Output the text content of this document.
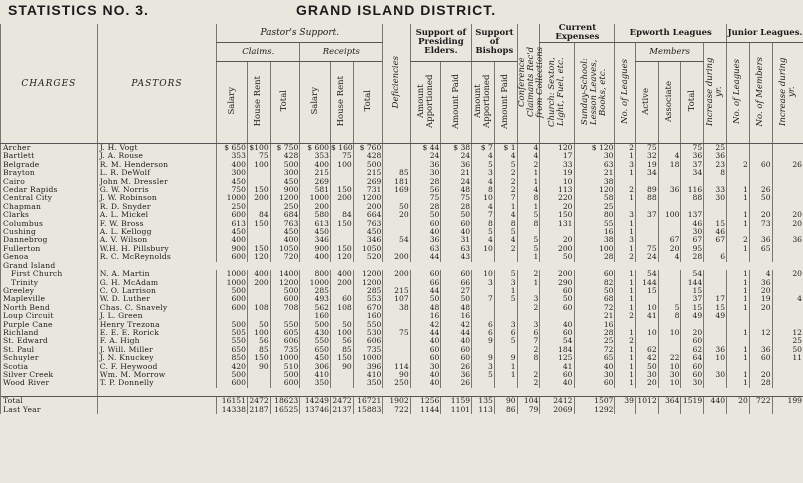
STATISTICS NO. 3.	GRAND ISLAND DISTRICT.
CHARGES	PASTORS	Pastor's Support.						Deficiencies	Support of Presiding Elders.		Support of Bishops		Conference Claimants Rec'd from Collections	Current Expenses		Epworth Leagues					Junior Leagues.		
		Claims.			Receipts									Church: Sexton, Light, Fuel, etc.	Sunday-School: Lesson Leaves, Books, etc.	No. of Leagues	Members			Increase during yr.	No. of Leagues	No. of Members	Increase during yr.
		Salary	House Rent	Total	Salary	House Rent	Total		Amount Apportioned	Amount Paid	Amount Apportioned	Amount Paid					Active	Associate	Total				
Archer	J. H. Vogt	$ 650	$100	$ 750	$ 600	$ 160	$ 760		$ 44	$ 38	$ 7	$ 1	4	120	$ 120	2	75		75	25			
Bartlett	J. A. Rouse	353	75	428	353	75	428		24	24	4	4	4	17	30	1	32	4	36	36			
Belgrade	R. M. Henderson	400	100	500	400	100	500		36	36	5	5	2	33	63	3	19	18	37	23	2	60	26
Brayton	L. R. DeWolf	300		300	215		215	85	30	21	3	2	1	19	21	1	34		34	8			
Cairo	John M. Dressler	450		450	269		269	181	28	24	4	2	1	10	38								
Cedar Rapids	G. W. Norris	750	150	900	581	150	731	169	56	48	8	2	4	113	120	2	89	36	116	33	1	26	
Central City	J. W. Robinson	1000	200	1200	1000	200	1200		75	75	10	7	8	220	58	1	88		88	30	1	50	
Chapman	R. D. Snyder	250		250	200		200	50	28	28	4	1	1	20	25								
Clarks	A. L. Mickel	600	84	684	580	84	664	20	50	50	7	4	5	150	80	3	37	100	137		1	20	20
Columbus	F. W. Bross	613	150	763	613	150	763		60	60	8	8	8	131	55	1			46	15	1	73	20
Cushing	A. L. Kellogg	450		450	450		450		40	40	5	5			16	1			30	46			
Dannebrog	A. V. Wilson	400		400	346		346	54	36	31	4	4	5	20	38	3		67	67	67	2	36	36
Fullerton	W.H. H. Pillsbury	900	150	1050	900	150	1050		63	63	10	2	5	200	100	1	75	20	95		1	65	
Genoa	R. C. McReynolds	600	120	720	400	120	520	200	44	43			1	50	28	2	24	4	28	6			
Grand Island																							
First Church	N. A. Martin	1000	400	1400	800	400	1200	200	60	60	10	5	2	200	60	1	54		54		1	4	20
Trinity	G. H. McAdam	1000	200	1200	1000	200	1200		66	66	3	3	1	290	82	1	144		144		1	36	
Greeley	C. O. Larrison	500		500	285		285	215	44	27		1		60	50	1	15		15		1	20	
Mapleville	W. D. Luther	600		600	493	60	553	107	50	50	7	5	3	50	68	1			37	17	1	19	4
North Bend	Chas. C. Snavely	600	108	708	562	108	670	38	48	48			2	60	72	1	10	5	15	15	1	20	
Loup Circuit	J. L. Green				160		160		16	16					21	2	41	8	49	49			
Purple Cane	Henry Trezona	500	50	550	500	50	550		42	42	6	3	3	40	16								
Richland	E. E. E. Rorick	505	100	605	430	100	530	75	44	44	6	6	6	60	28	1	10	10	20		1	12	12
St. Edward	F. A. High	550	56	606	550	56	606		40	40	9	5	7	54	25	2			60				25
St. Paul	J. Will. Miller	650	85	735	650	85	735		60	60			2	184	72	1	62		62	36	1	36	50
Schuyler	J. N. Knuckey	850	150	1000	450	150	1000		60	60	9	9	8	125	65	1	42	22	64	10	1	60	11
Scotia	C. F. Heywood	420	90	510	306	90	396	114	30	26	3	1		41	40	1	50	10	60				
Silver Creek	Wm. M. Morrow	500		500	410		410	90	40	36	5	1	2	60	30	1	30	30	60	30	1	20	
Wood River	T. P. Donnelly	600		600	350		350	250	40	26			2	40	60	1	20	10	30		1	28	

Total		16151	2472	18623	14249	2472	16721	1902	1256	1159	135	90	104	2412	1507	39	1012	364	1519	440	20	722	199
Last Year		14338	2187	16525	13746	2137	15883	722	1144	1101	113	86	79	2069	1292								
